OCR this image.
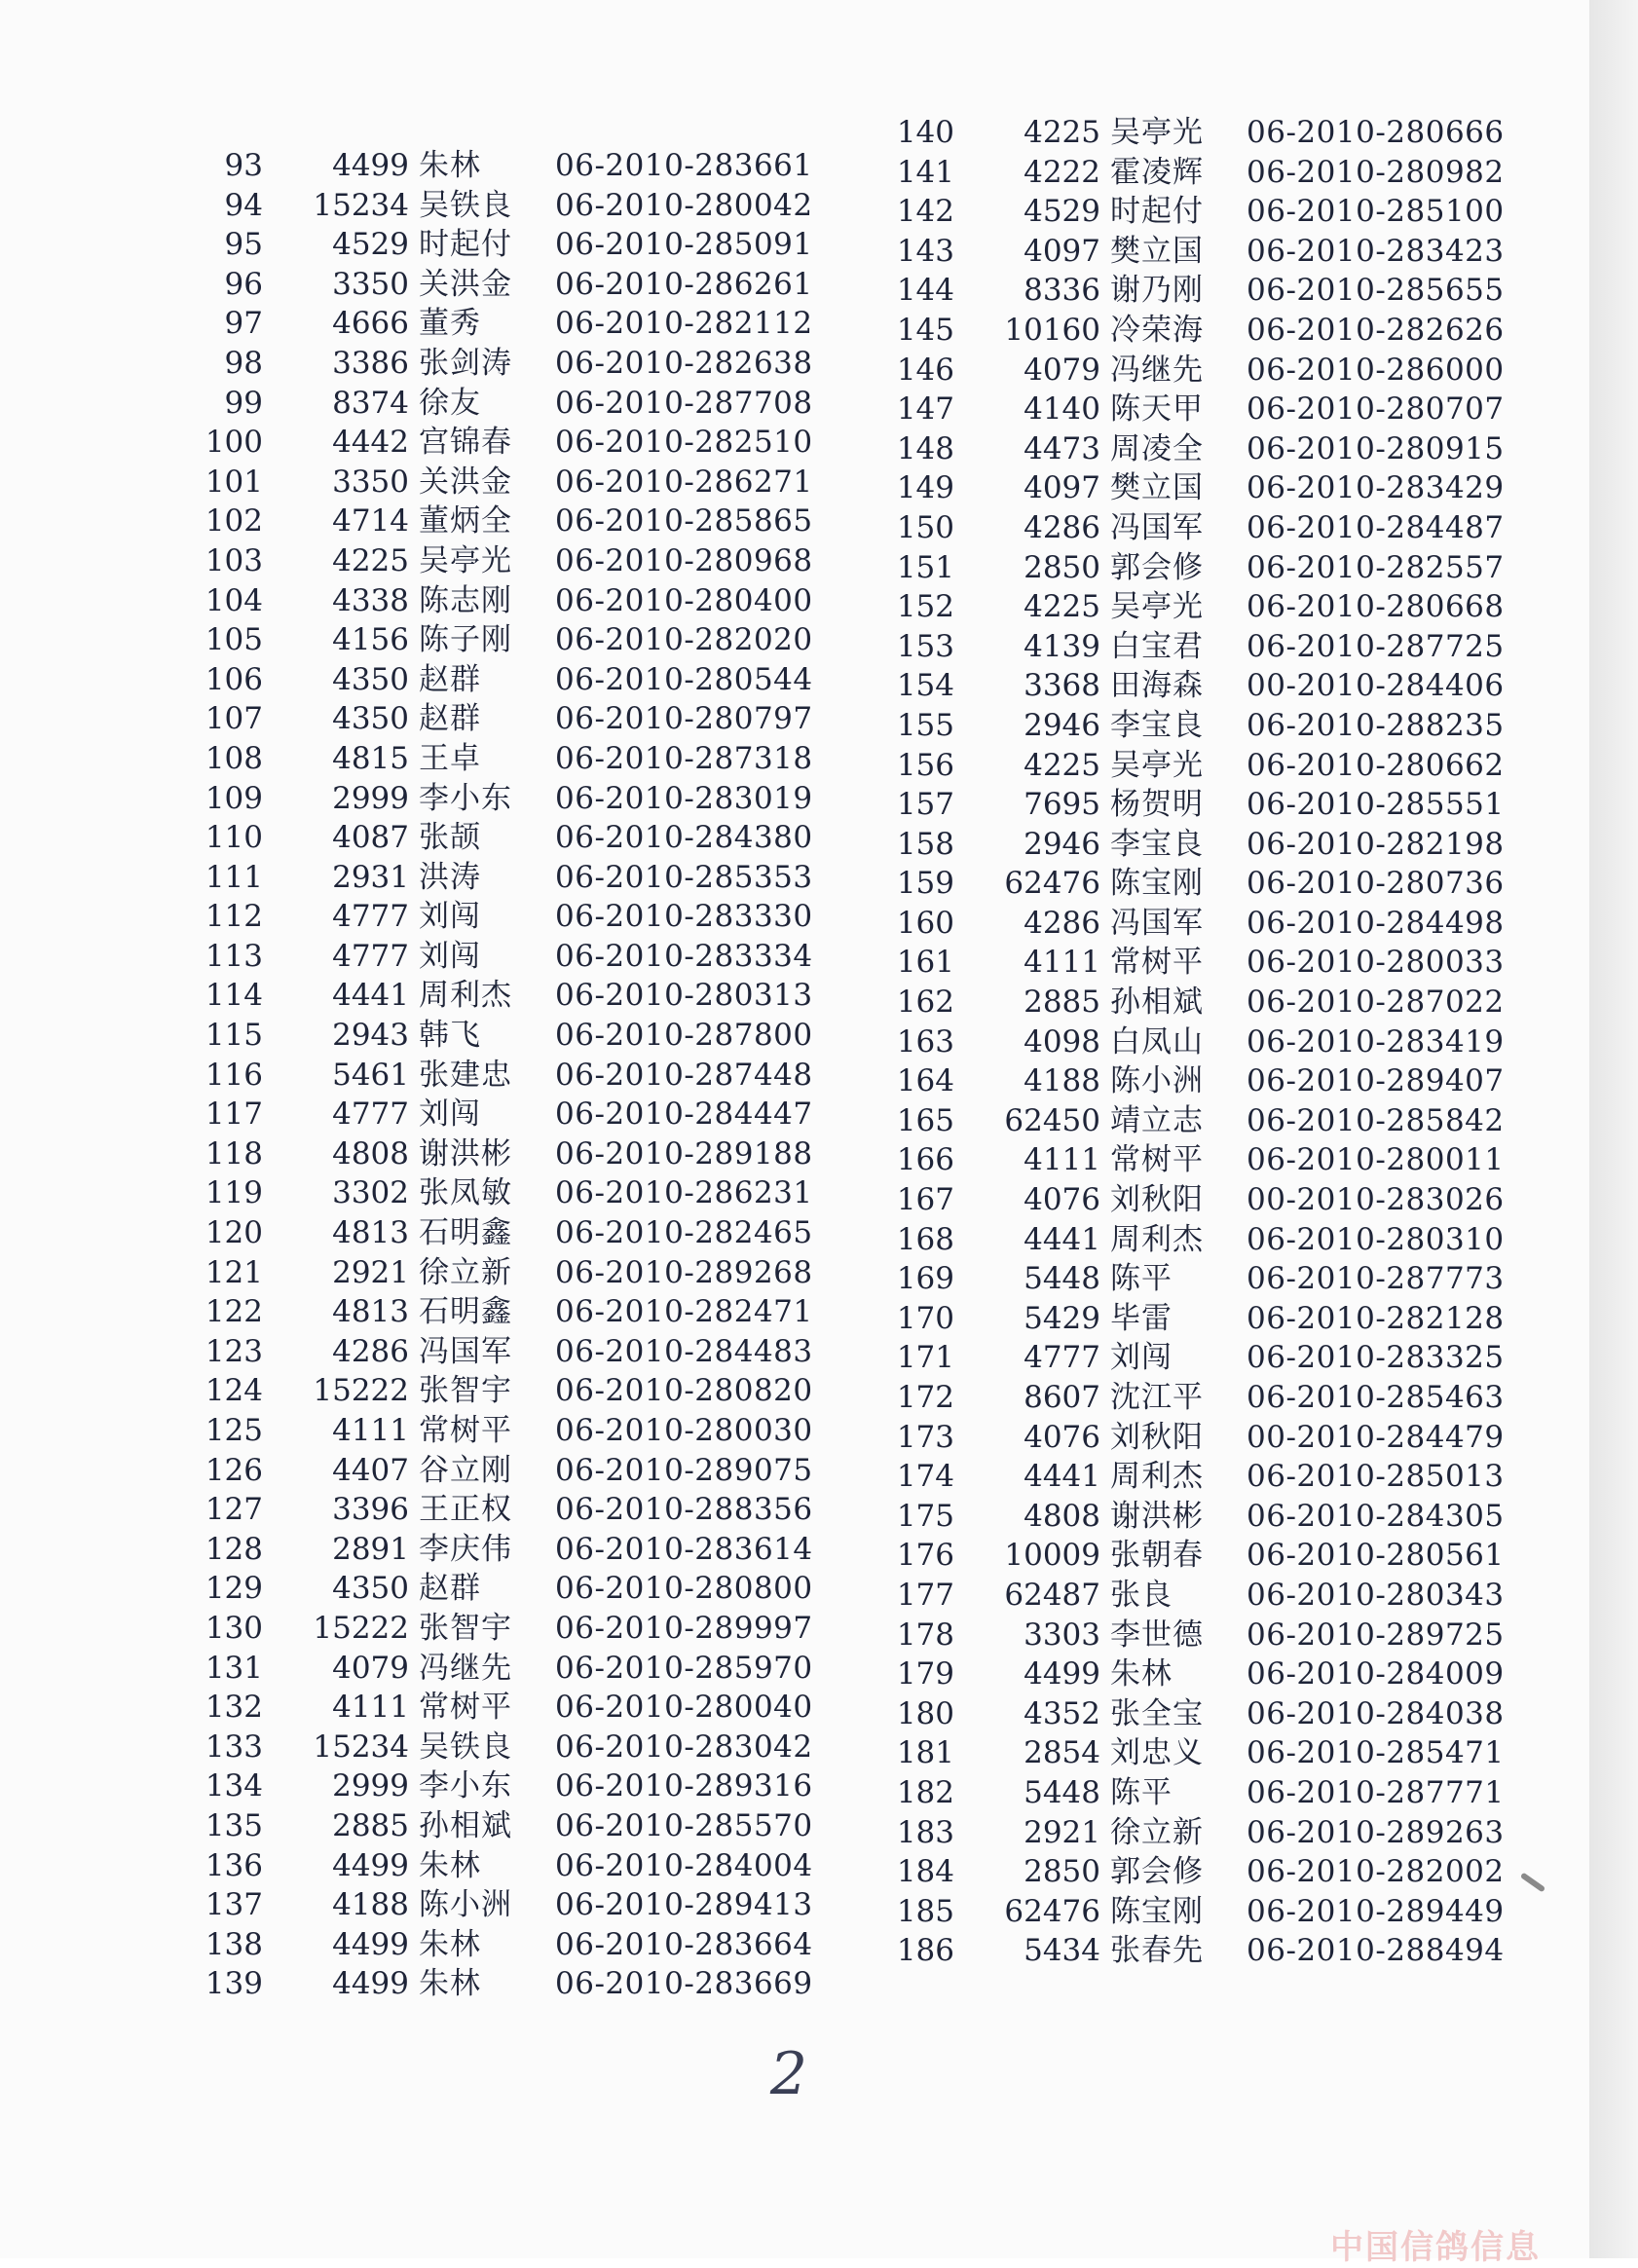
93	4499 朱林	06-2010-283661
94	15234 吴铁良	06-2010-280042
95	4529 时起付	06-2010-285091
96	3350 关洪金	06-2010-286261
97	4666 董秀	06-2010-282112
98	3386 张剑涛	06-2010-282638
99	8374 徐友	06-2010-287708
100	4442 宫锦春	06-2010-282510
101	3350 关洪金	06-2010-286271
102	4714 董炳全	06-2010-285865
103	4225 吴亭光	06-2010-280968
104	4338 陈志刚	06-2010-280400
105	4156 陈子刚	06-2010-282020
106	4350 赵群	06-2010-280544
107	4350 赵群	06-2010-280797
108	4815 王卓	06-2010-287318
109	2999 李小东	06-2010-283019
110	4087 张颉	06-2010-284380
111	2931 洪涛	06-2010-285353
112	4777 刘闯	06-2010-283330
113	4777 刘闯	06-2010-283334
114	4441 周利杰	06-2010-280313
115	2943 韩飞	06-2010-287800
116	5461 张建忠	06-2010-287448
117	4777 刘闯	06-2010-284447
118	4808 谢洪彬	06-2010-289188
119	3302 张凤敏	06-2010-286231
120	4813 石明鑫	06-2010-282465
121	2921 徐立新	06-2010-289268
122	4813 石明鑫	06-2010-282471
123	4286 冯国军	06-2010-284483
124	15222 张智宇	06-2010-280820
125	4111 常树平	06-2010-280030
126	4407 谷立刚	06-2010-289075
127	3396 王正权	06-2010-288356
128	2891 李庆伟	06-2010-283614
129	4350 赵群	06-2010-280800
130	15222 张智宇	06-2010-289997
131	4079 冯继先	06-2010-285970
132	4111 常树平	06-2010-280040
133	15234 吴铁良	06-2010-283042
134	2999 李小东	06-2010-289316
135	2885 孙相斌	06-2010-285570
136	4499 朱林	06-2010-284004
137	4188 陈小洲	06-2010-289413
138	4499 朱林	06-2010-283664
139	4499 朱林	06-2010-283669
140	4225 吴亭光	06-2010-280666
141	4222 霍凌辉	06-2010-280982
142	4529 时起付	06-2010-285100
143	4097 樊立国	06-2010-283423
144	8336 谢乃刚	06-2010-285655
145	10160 冷荣海	06-2010-282626
146	4079 冯继先	06-2010-286000
147	4140 陈天甲	06-2010-280707
148	4473 周凌全	06-2010-280915
149	4097 樊立国	06-2010-283429
150	4286 冯国军	06-2010-284487
151	2850 郭会修	06-2010-282557
152	4225 吴亭光	06-2010-280668
153	4139 白宝君	06-2010-287725
154	3368 田海森	00-2010-284406
155	2946 李宝良	06-2010-288235
156	4225 吴亭光	06-2010-280662
157	7695 杨贺明	06-2010-285551
158	2946 李宝良	06-2010-282198
159	62476 陈宝刚	06-2010-280736
160	4286 冯国军	06-2010-284498
161	4111 常树平	06-2010-280033
162	2885 孙相斌	06-2010-287022
163	4098 白凤山	06-2010-283419
164	4188 陈小洲	06-2010-289407
165	62450 靖立志	06-2010-285842
166	4111 常树平	06-2010-280011
167	4076 刘秋阳	00-2010-283026
168	4441 周利杰	06-2010-280310
169	5448 陈平	06-2010-287773
170	5429 毕雷	06-2010-282128
171	4777 刘闯	06-2010-283325
172	8607 沈江平	06-2010-285463
173	4076 刘秋阳	00-2010-284479
174	4441 周利杰	06-2010-285013
175	4808 谢洪彬	06-2010-284305
176	10009 张朝春	06-2010-280561
177	62487 张良	06-2010-280343
178	3303 李世德	06-2010-289725
179	4499 朱林	06-2010-284009
180	4352 张全宝	06-2010-284038
181	2854 刘忠义	06-2010-285471
182	5448 陈平	06-2010-287771
183	2921 徐立新	06-2010-289263
184	2850 郭会修	06-2010-282002
185	62476 陈宝刚	06-2010-289449
186	5434 张春先	06-2010-288494
2
中国信鸽信息
